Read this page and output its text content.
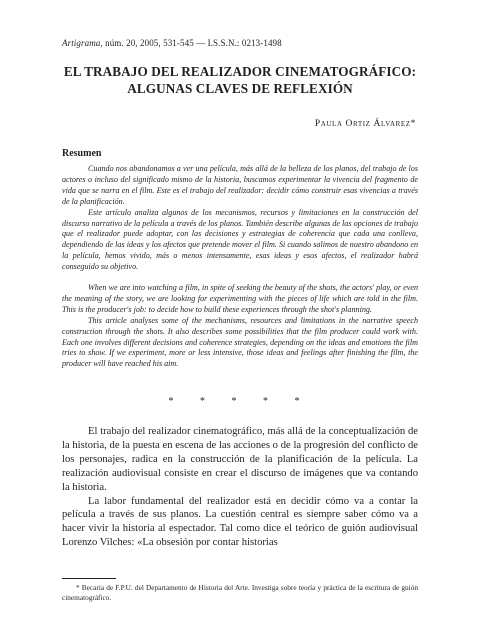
Artigrama, núm. 20, 2005, 531-545 — I.S.S.N.: 0213-1498
EL TRABAJO DEL REALIZADOR CINEMATOGRÁFICO:
ALGUNAS CLAVES DE REFLEXIÓN
Paula Ortiz Álvarez*
Resumen

Cuando nos abandonamos a ver una película, más allá de la belleza de los planos, del trabajo de los actores o incluso del significado mismo de la historia, buscamos experimentar la vivencia del fragmento de vida que se narra en el film. Este es el trabajo del realizador: decidir cómo construir esas vivencias a través de la planificación.

Este artículo analiza algunos de los mecanismos, recursos y limitaciones en la construcción del discurso narrativo de la película a través de los planos. También describe algunas de las opciones de trabajo que el realizador puede adoptar, con las decisiones y estrategias de coherencia que cada una conlleva, dependiendo de las ideas y los afectos que pretende mover el film. Si cuando salimos de nuestro abandono en la película, hemos vivido, más o menos intensamente, esas ideas y esos afectos, el realizador habrá conseguido su objetivo.

When we are into watching a film, in spite of seeking the beauty of the shots, the actors' play, or even the meaning of the story, we are looking for experimenting with the pieces of life which are told in the film. This is the producer's job: to decide how to build these experiences through the shot's planning.

This article analyses some of the mechanisms, resources and limitations in the narrative speech construction through the shots. It also describes some possibilities that the film producer could work with. Each one involves different decisions and coherence strategies, depending on the ideas and emotions the film tries to show. If we experiment, more or less intensive, those ideas and feelings after finishing the film, the producer will have reached his aim.

* * * * *

El trabajo del realizador cinematográfico, más allá de la conceptualización de la historia, de la puesta en escena de las acciones o de la progresión del conflicto de los personajes, radica en la construcción de la planificación de la película. La realización audiovisual consiste en crear el discurso de imágenes que va contando la historia.

La labor fundamental del realizador está en decidir cómo va a contar la película a través de sus planos. La cuestión central es siempre saber cómo va a hacer vivir la historia al espectador. Tal como dice el teórico de guión audiovisual Lorenzo Vilches: «La obsesión por contar historias

* Becaria de F.P.U. del Departamento de Historia del Arte. Investiga sobre teoría y práctica de la escritura de guión cinematográfico.
